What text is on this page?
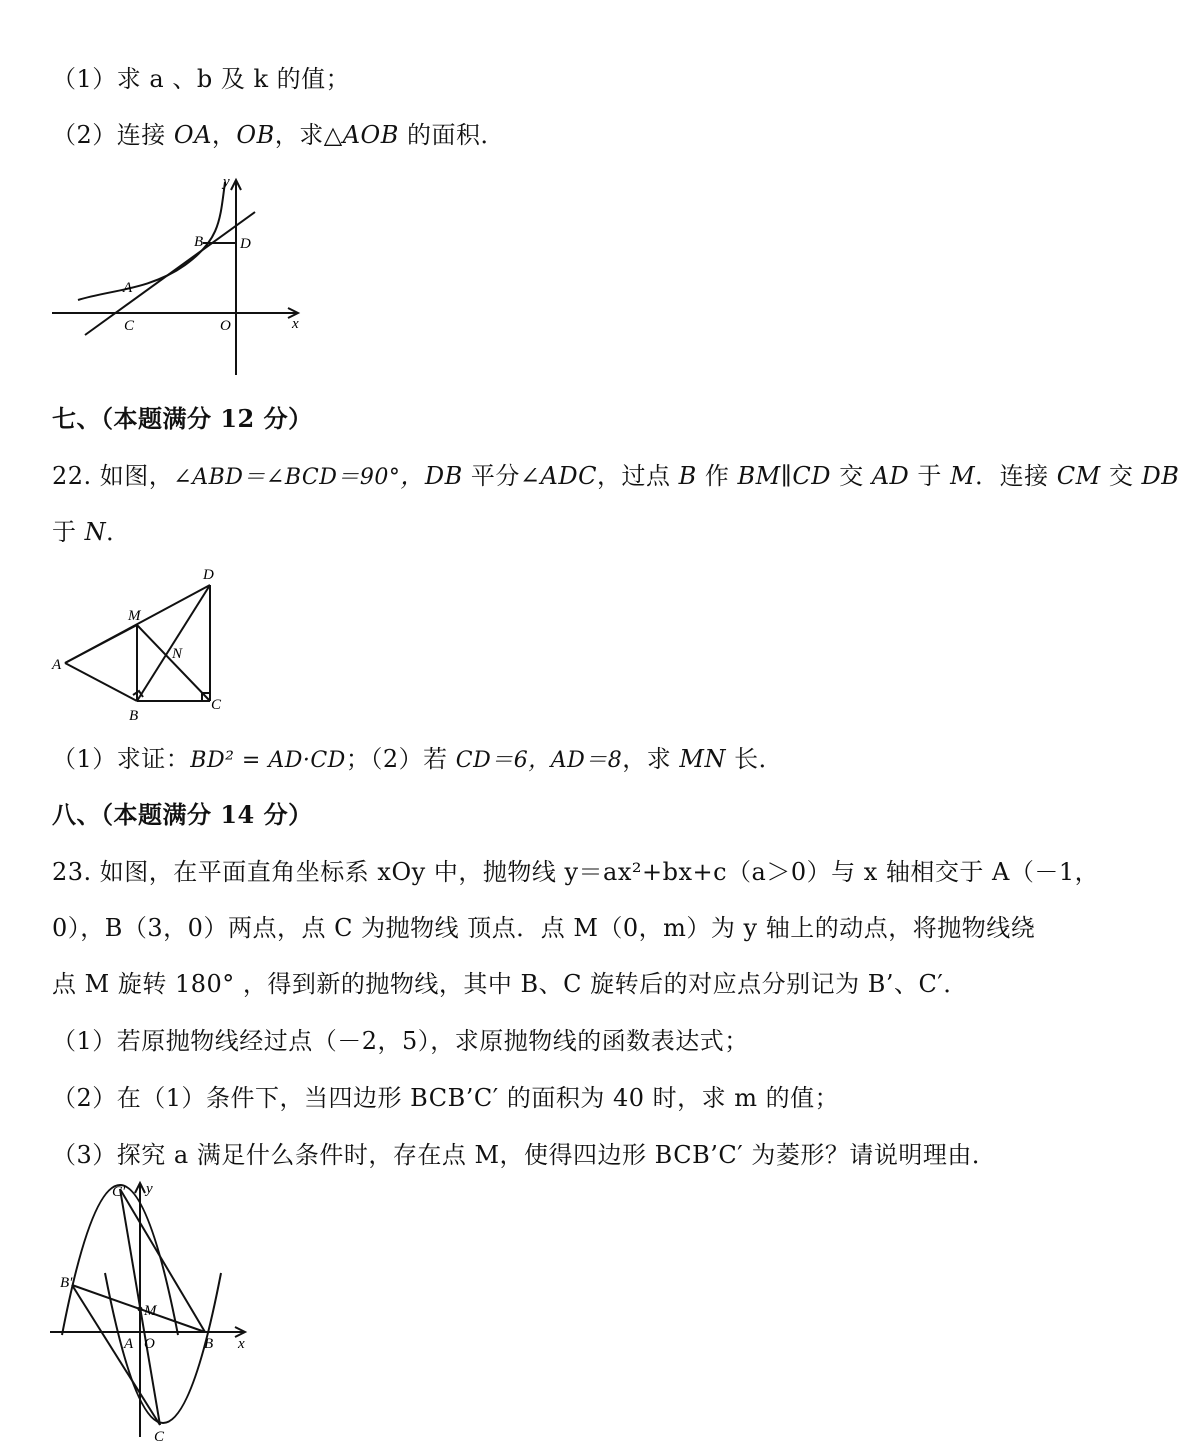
（1）求 a 、b 及 k 的值；
（2）连接 OA，OB，求△AOB 的面积．
y
B D
A
C	O	x
七、（本题满分 12 分）
22. 如图，∠ABD＝∠BCD＝90°，DB 平分∠ADC，过点 B 作 BM∥CD 交 AD 于 M．连接 CM 交 DB
于 N．
D
M
N
A
B
C
（1）求证：BD² = AD·CD；（2）若 CD＝6，AD＝8，求 MN 长．
八、（本题满分 14 分）
23. 如图，在平面直角坐标系 xOy 中，抛物线 y＝ax²+bx+c（a＞0）与 x 轴相交于 A（－1，
0），B（3，0）两点，点 C 为抛物线 顶点．点 M（0，m）为 y 轴上的动点，将抛物线绕
点 M 旋转 180° ，得到新的抛物线，其中 B、C 旋转后的对应点分别记为 B’、C′．
（1）若原抛物线经过点（－2，5），求原抛物线的函数表达式；
（2）在（1）条件下，当四边形 BCB’C′ 的面积为 40 时，求 m 的值；
（3）探究 a 满足什么条件时，存在点 M，使得四边形 BCB’C′ 为菱形？请说明理由．
C′ y
B′
M
A O	B x
C
